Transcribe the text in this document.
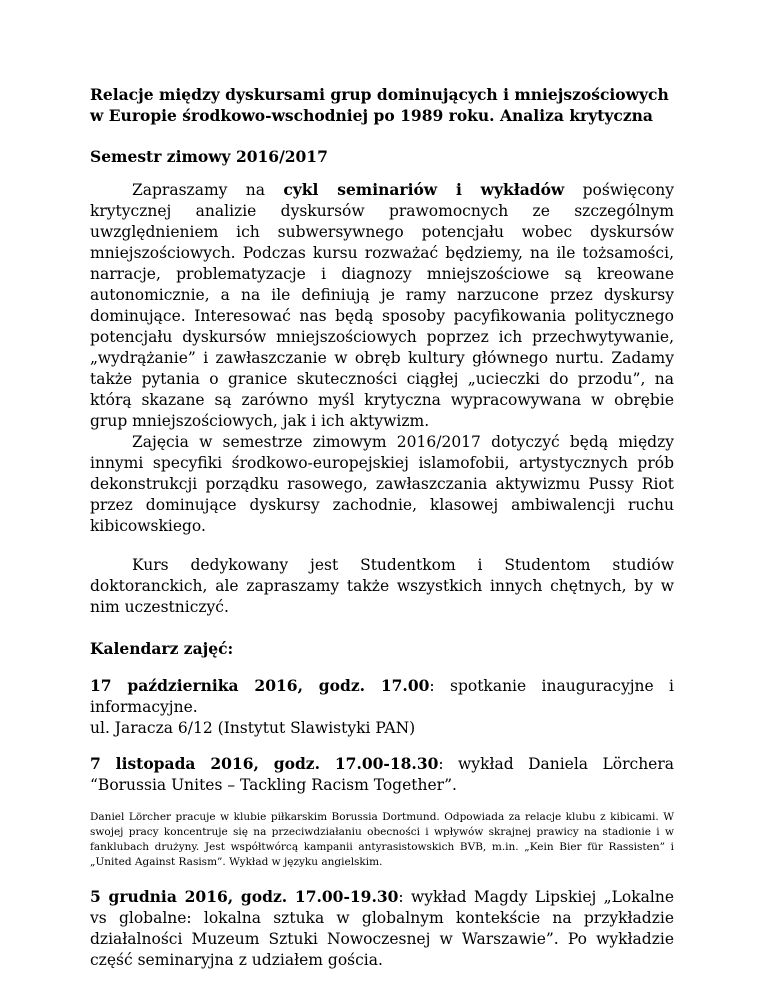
Relacje między dyskursami grup dominujących i mniejszościowych w Europie środkowo-wschodniej po 1989 roku. Analiza krytyczna
Semestr zimowy 2016/2017

Zapraszamy na cykl seminariów i wykładów poświęcony krytycznej analizie dyskursów prawomocnych ze szczególnym uwzględnieniem ich subwersywnego potencjału wobec dyskursów mniejszościowych. Podczas kursu rozważać będziemy, na ile tożsamości, narracje, problematyzacje i diagnozy mniejszościowe są kreowane autonomicznie, a na ile definiują je ramy narzucone przez dyskursy dominujące. Interesować nas będą sposoby pacyfikowania politycznego potencjału dyskursów mniejszościowych poprzez ich przechwytywanie, „wydrążanie” i zawłaszczanie w obręb kultury głównego nurtu. Zadamy także pytania o granice skuteczności ciągłej „ucieczki do przodu”, na którą skazane są zarówno myśl krytyczna wypracowywana w obrębie grup mniejszościowych, jak i ich aktywizm.

Zajęcia w semestrze zimowym 2016/2017 dotyczyć będą między innymi specyfiki środkowo-europejskiej islamofobii, artystycznych prób dekonstrukcji porządku rasowego, zawłaszczania aktywizmu Pussy Riot przez dominujące dyskursy zachodnie, klasowej ambiwalencji ruchu kibicowskiego.

Kurs dedykowany jest Studentkom i Studentom studiów doktoranckich, ale zapraszamy także wszystkich innych chętnych, by w nim uczestniczyć.

Kalendarz zajęć:
17 października 2016, godz. 17.00: spotkanie inauguracyjne i informacyjne.
ul. Jaracza 6/12 (Instytut Slawistyki PAN)
7 listopada 2016, godz. 17.00-18.30: wykład Daniela Lörchera “Borussia Unites – Tackling Racism Together”.
Daniel Lörcher pracuje w klubie piłkarskim Borussia Dortmund. Odpowiada za relacje klubu z kibicami. W swojej pracy koncentruje się na przeciwdziałaniu obecności i wpływów skrajnej prawicy na stadionie i w fanklubach drużyny. Jest współtwórcą kampanii antyrasistowskich BVB, m.in. „Kein Bier für Rassisten” i „United Against Rasism”. Wykład w języku angielskim.
5 grudnia 2016, godz. 17.00-19.30: wykład Magdy Lipskiej „Lokalne vs globalne: lokalna sztuka w globalnym kontekście na przykładzie działalności Muzeum Sztuki Nowoczesnej w Warszawie”. Po wykładzie część seminaryjna z udziałem gościa.
